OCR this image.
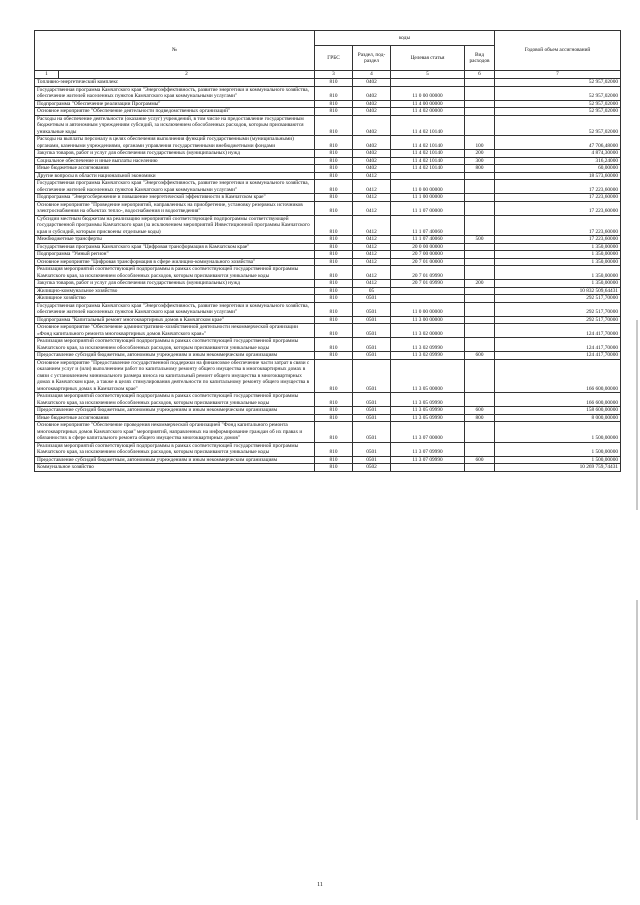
№		коды				Годовой объем ассигнований
		ГРБС	Раздел, под-раздел	Целевая статья	Вид расходов	
1	2	3	4	5	6	7
Топливно-энергетический комплекс		810	0402			52 957,02000
Государственная программа Камчатского края "Энергоэффективность, развитие энергетики и коммунального хозяйства, обеспечение жителей населенных пунктов Камчатского края коммунальными услугами"		810	0402	11 0 00 00000		52 957,02000
Подпрограмма "Обеспечение реализации Программы"		810	0402	11 4 00 00000		52 957,02000
Основное мероприятие "Обеспечение деятельности подведомственных организаций"		810	0402	11 4 02 00000		52 957,02000
Расходы на обеспечение деятельности (оказание услуг) учреждений, в том числе на предоставление государственным бюджетным и автономным учреждениям субсидий, за исключением обособленных расходов, которым присваиваются уникальные коды		810	0402	11 4 02 10140		52 957,02000
Расходы на выплаты персоналу в целях обеспечения выполнения функций государственными (муниципальными) органами, казенными учреждениями, органами управления государственными внебюджетными фондами		810	0402	11 4 02 10140	100	47 706,48000
Закупка товаров, работ и услуг для обеспечения государственных (муниципальных) нужд		810	0402	11 4 02 10140	200	4 874,30000
Социальное обеспечение и иные выплаты населению		810	0402	11 4 02 10140	300	316,24000
Иные бюджетные ассигнования		810	0402	11 4 02 10140	800	60,00000
Другие вопросы в области национальной экономики		810	0412			18 573,60000
Государственная программа Камчатского края "Энергоэффективность, развитие энергетики и коммунального хозяйства, обеспечение жителей населенных пунктов Камчатского края коммунальными услугами"		810	0412	11 0 00 00000		17 223,60000
Подпрограмма "Энергосбережение и повышение энергетической эффективности в Камчатском крае"		810	0412	11 1 00 00000		17 223,60000
Основное мероприятие "Проведение мероприятий, направленных на приобретение, установку резервных источников электроснабжения на объектах тепло-, водоснабжения и водоотведения"		810	0412	11 1 07 00000		17 223,60000
Субсидии местным бюджетам на реализацию мероприятий соответствующей подпрограммы соответствующей государственной программы Камчатского края (за исключением мероприятий Инвестиционной программы Камчатского края и субсидий, которым присвоены отдельные коды)		810	0412	11 1 07 40060		17 223,60000
Межбюджетные трансферты		810	0412	11 1 07 40060	500	17 223,60000
Государственная программа Камчатского края "Цифровая трансформация в Камчатском крае"		810	0412	20 0 00 00000		1 350,00000
Подпрограмма "Умный регион"		810	0412	20 7 00 00000		1 350,00000
Основное мероприятие "Цифровая трансформация в сфере жилищно-коммунального хозяйства"		810	0412	20 7 01 00000		1 350,00000
Реализация мероприятий соответствующей подпрограммы в рамках соответствующей государственной программы Камчатского края, за исключением обособленных расходов, которым присваиваются уникальные коды		810	0412	20 7 01 09990		1 350,00000
Закупка товаров, работ и услуг для обеспечения государственных (муниципальных) нужд		810	0412	20 7 01 09990	200	1 350,00000
Жилищно-коммунальное хозяйство		810	05			10 832 509,64431
Жилищное хозяйство		810	0501			292 517,70000
Государственная программа Камчатского края "Энергоэффективность, развитие энергетики и коммунального хозяйства, обеспечение жителей населенных пунктов Камчатского края коммунальными услугами"		810	0501	11 0 00 00000		292 517,70000
Подпрограмма "Капитальный ремонт многоквартирных домов в Камчатском крае"		810	0501	11 3 00 00000		292 517,70000
Основное мероприятие "Обеспечение административно-хозяйственной деятельности некоммерческой организации «Фонд капитального ремонта многоквартирных домов Камчатского края»"		810	0501	11 3 02 00000		124 417,70000
Реализация мероприятий соответствующей подпрограммы в рамках соответствующей государственной программы Камчатского края, за исключением обособленных расходов, которым присваиваются уникальные коды		810	0501	11 3 02 09990		124 417,70000
Предоставление субсидий бюджетным, автономным учреждениям и иным некоммерческим организациям		810	0501	11 3 02 09990	600	124 417,70000
Основное мероприятие "Предоставление государственной поддержки на финансовое обеспечение части затрат в связи с оказанием услуг и (или) выполнением работ по капитальному ремонту общего имущества в многоквартирных домах в связи с установлением минимального размера взноса на капитальный ремонт общего имущества в многоквартирных домах в Камчатском крае, а также в целях стимулирования деятельности по капитальному ремонту общего имущества в многоквартирных домах в Камчатском крае"		810	0501	11 3 05 00000		166 600,00000
Реализация мероприятий соответствующей подпрограммы в рамках соответствующей государственной программы Камчатского края, за исключением обособленных расходов, которым присваиваются уникальные коды		810	0501	11 3 05 09990		166 600,00000
Предоставление субсидий бюджетным, автономным учреждениям и иным некоммерческим организациям		810	0501	11 3 05 09990	600	158 600,00000
Иные бюджетные ассигнования		810	0501	11 3 05 09990	800	8 000,00000
Основное мероприятие "Обеспечение проведения некоммерческой организацией "Фонд капитального ремонта многоквартирных домов Камчатского края" мероприятий, направленных на информирование граждан об их правах и обязанностях в сфере капитального ремонта общего имущества многоквартирных домов"		810	0501	11 3 07 00000		1 500,00000
Реализация мероприятий соответствующей подпрограммы в рамках соответствующей государственной программы Камчатского края, за исключением обособленных расходов, которым присваиваются уникальные коды		810	0501	11 3 07 09990		1 500,00000
Предоставление субсидий бюджетным, автономным учреждениям и иным некоммерческим организациям		810	0501	11 3 07 09990	600	1 500,00000
Коммунальное хозяйство		810	0502			10 269 759,74431
11
